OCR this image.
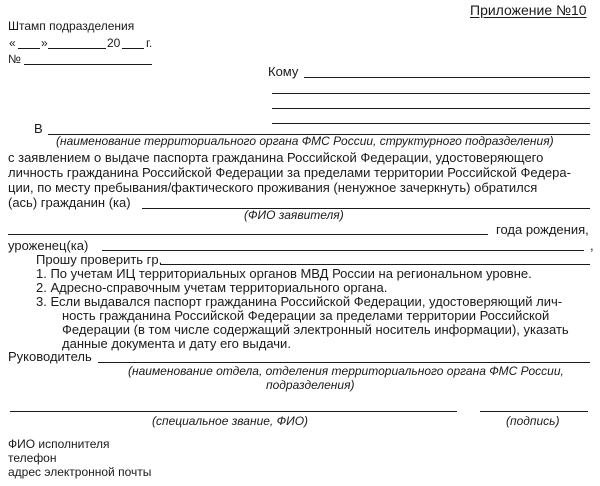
Приложение №10
Штамп подразделения
« »	20 г.
№
Кому
В
(наименование территориального органа ФМС России, структурного подразделения)
с заявлением о выдаче паспорта гражданина Российской Федерации, удостоверяющего
личность гражданина Российской Федерации за пределами территории Российской Федера-
ции, по месту пребывания/фактического проживания (ненужное зачеркнуть) обратился
(ась) гражданин (ка)
(ФИО заявителя)
года рождения,
уроженец(ка)	,
Прошу проверить гр.
1. По учетам ИЦ территориальных органов МВД России на региональном уровне.
2. Адресно-справочным учетам территориального органа.
3. Если выдавался паспорт гражданина Российской Федерации, удостоверяющий лич-
ность гражданина Российской Федерации за пределами территории Российской
Федерации (в том числе содержащий электронный носитель информации), указать
данные документа и дату его выдачи.
Руководитель
(наименование отдела, отделения территориального органа ФМС России,
подразделения)
(специальное звание, ФИО)	(подпись)
ФИО исполнителя
телефон
адрес электронной почты
